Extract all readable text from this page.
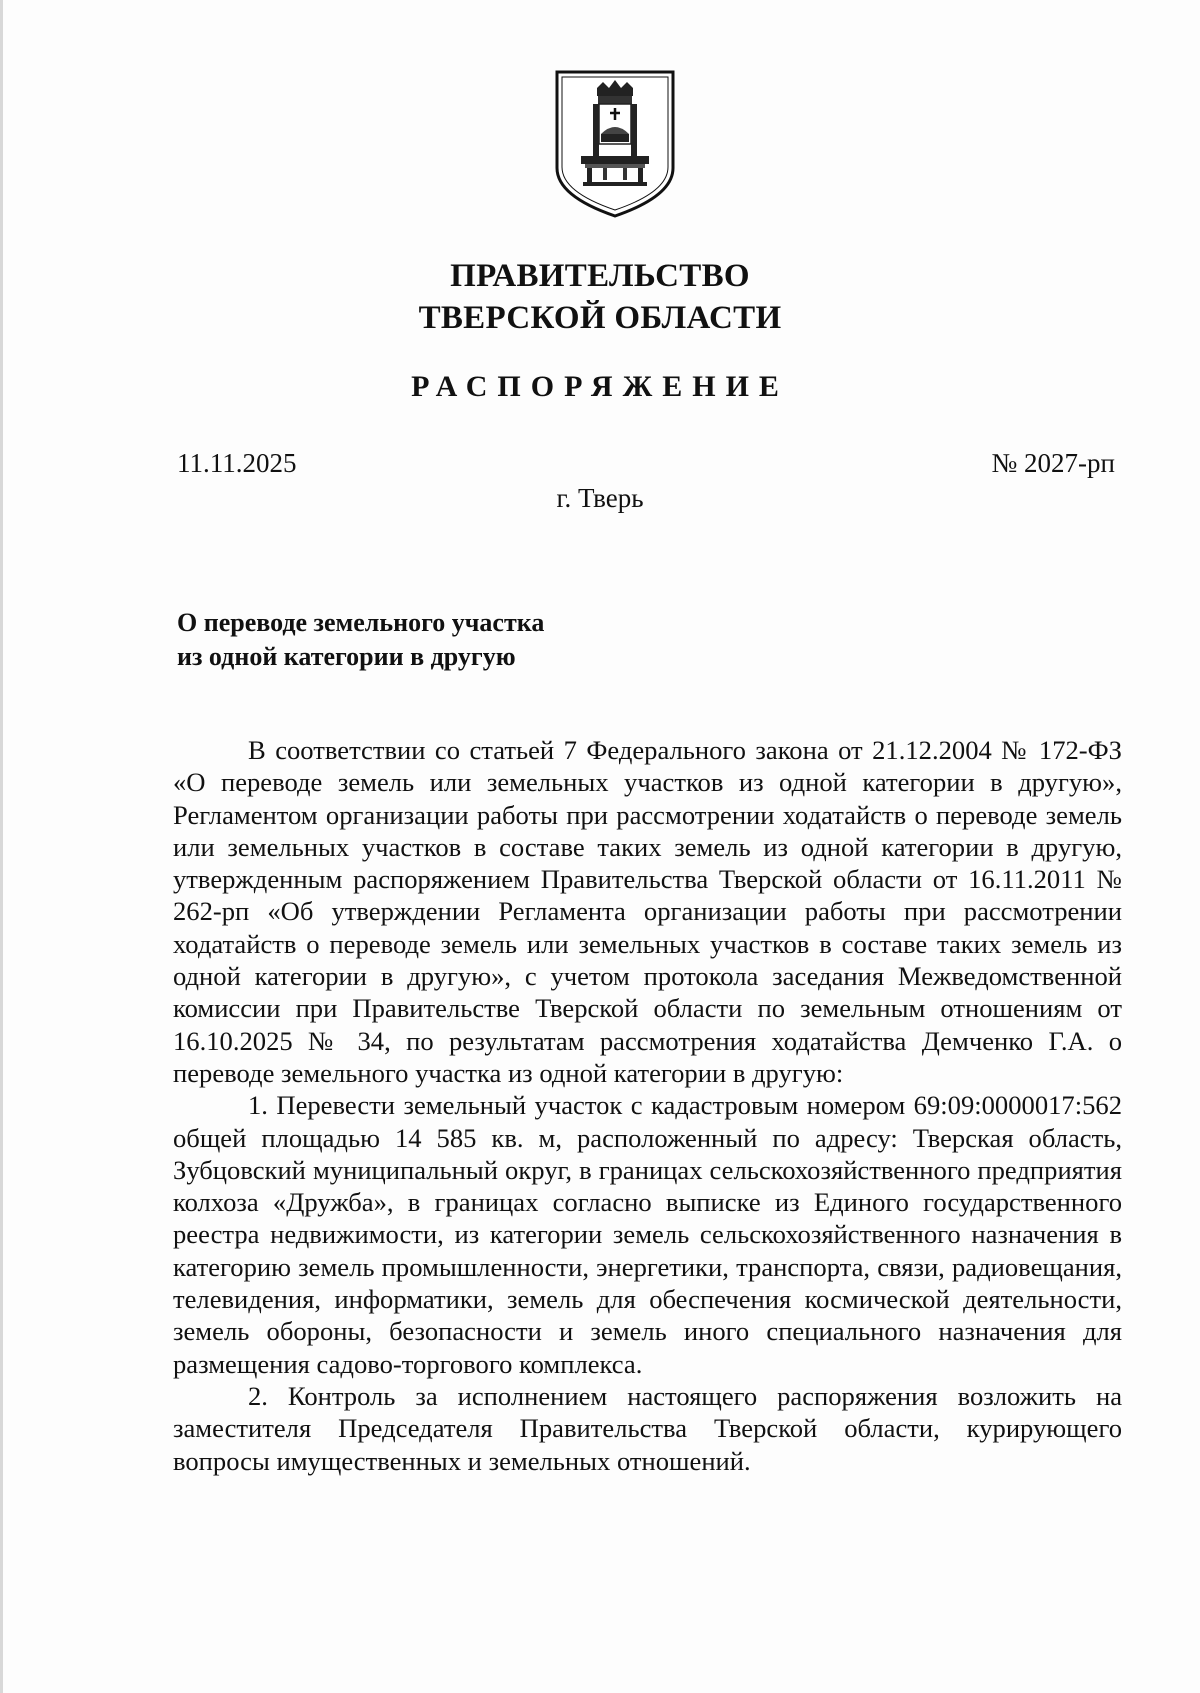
ПРАВИТЕЛЬСТВО
ТВЕРСКОЙ ОБЛАСТИ
РАСПОРЯЖЕНИЕ
11.11.2025	№ 2027-рп
г. Тверь
О переводе земельного участка
из одной категории в другую

В соответствии со статьей 7 Федерального закона от 21.12.2004 № 172-ФЗ «О переводе земель или земельных участков из одной категории в другую», Регламентом организации работы при рассмотрении ходатайств о переводе земель или земельных участков в составе таких земель из одной категории в другую, утвержденным распоряжением Правительства Тверской области от 16.11.2011 № 262-рп «Об утверждении Регламента организации работы при рассмотрении ходатайств о переводе земель или земельных участков в составе таких земель из одной категории в другую», с учетом протокола заседания Межведомственной комиссии при Правительстве Тверской области по земельным отношениям от 16.10.2025 № 34, по результатам рассмотрения ходатайства Демченко Г.А. о переводе земельного участка из одной категории в другую:

1. Перевести земельный участок с кадастровым номером 69:09:0000017:562 общей площадью 14 585 кв. м, расположенный по адресу: Тверская область, Зубцовский муниципальный округ, в границах сельскохозяйственного предприятия колхоза «Дружба», в границах согласно выписке из Единого государственного реестра недвижимости, из категории земель сельскохозяйственного назначения в категорию земель промышленности, энергетики, транспорта, связи, радиовещания, телевидения, информатики, земель для обеспечения космической деятельности, земель обороны, безопасности и земель иного специального назначения для размещения садово-торгового комплекса.

2. Контроль за исполнением настоящего распоряжения возложить на заместителя Председателя Правительства Тверской области, курирующего вопросы имущественных и земельных отношений.
